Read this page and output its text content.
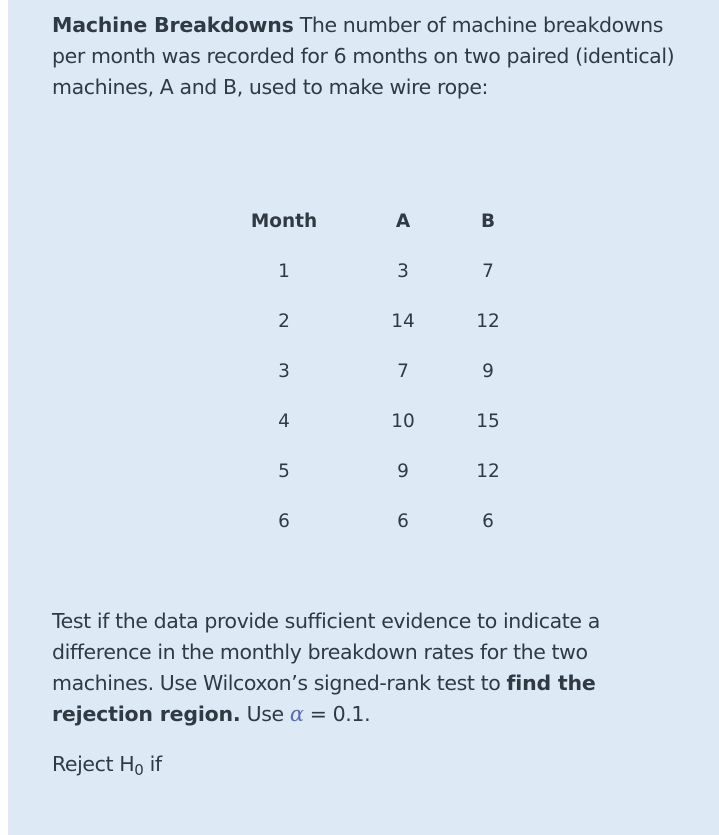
Machine Breakdowns The number of machine breakdowns per month was recorded for 6 months on two paired (identical) machines, A and B, used to make wire rope:

Month	A	B
1	3	7
2	14	12
3	7	9
4	10	15
5	9	12
6	6	6

Test if the data provide sufficient evidence to indicate a difference in the monthly breakdown rates for the two machines. Use Wilcoxon’s signed-rank test to find the rejection region. Use α = 0.1.

Reject $H_0$ if
